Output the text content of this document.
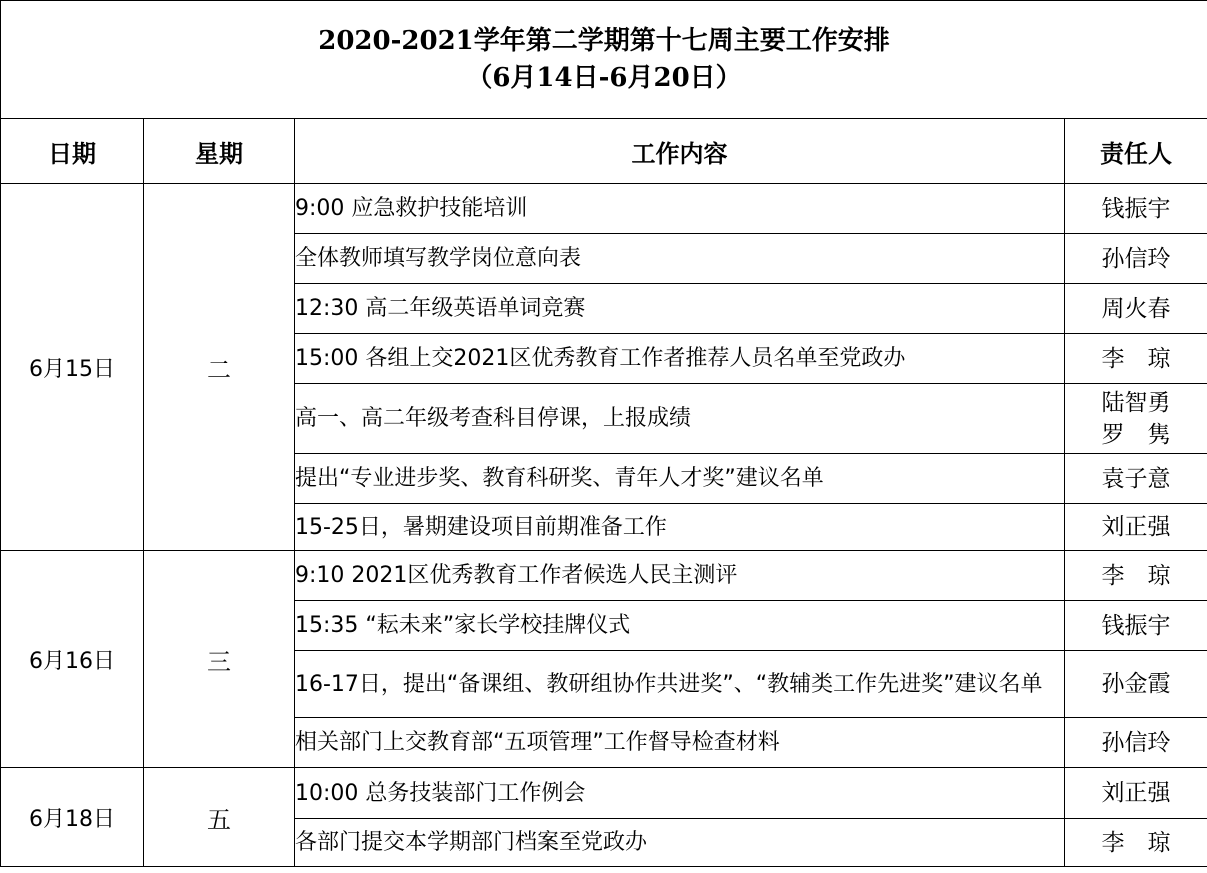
2020-2021学年第二学期第十七周主要工作安排
（6月14日-6月20日）			

日期	星期	工作内容	责任人
6月15日	二	9:00 应急救护技能培训	钱振宇
		全体教师填写教学岗位意向表	孙信玲
		12:30 高二年级英语单词竞赛	周火春
		15:00 各组上交2021区优秀教育工作者推荐人员名单至党政办	李　琼
		高一、高二年级考查科目停课，上报成绩	陆智勇
罗　隽
		提出“专业进步奖、教育科研奖、青年人才奖”建议名单	袁子意
		15-25日，暑期建设项目前期准备工作	刘正强
6月16日	三	9:10 2021区优秀教育工作者候选人民主测评	李　琼
		15:35 “耘未来”家长学校挂牌仪式	钱振宇
		16-17日，提出“备课组、教研组协作共进奖”、“教辅类工作先进奖”建议名单	孙金霞
		相关部门上交教育部“五项管理”工作督导检查材料	孙信玲
6月18日	五	10:00 总务技装部门工作例会	刘正强
		各部门提交本学期部门档案至党政办	李　琼
